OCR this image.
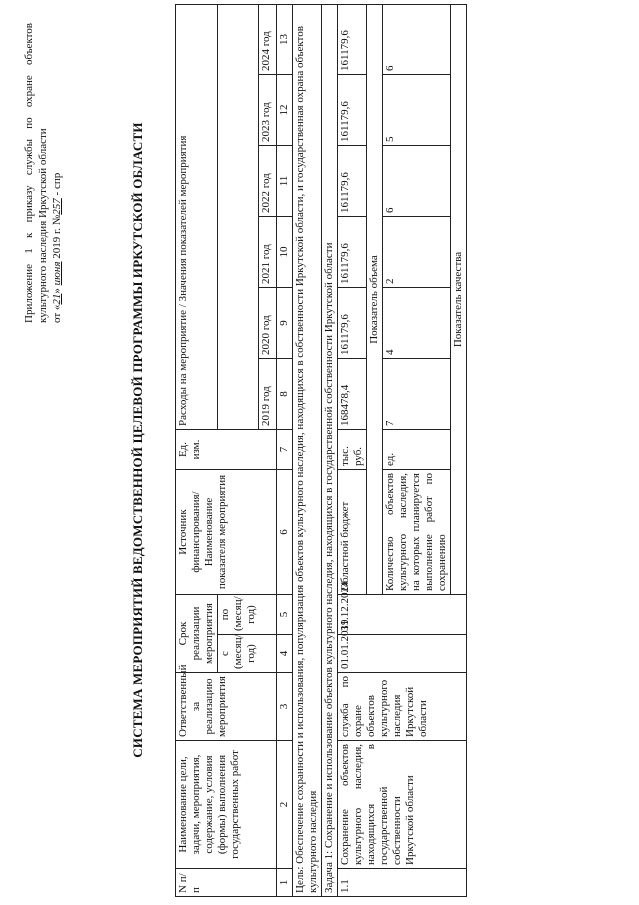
Приложение 1 к приказу службы по охране объектов культурного наследия Иркутской области от «21» июня 2019 г. №257 - спр	СИСТЕМА МЕРОПРИЯТИЙ ВЕДОМСТВЕННОЙ ЦЕЛЕВОЙ ПРОГРАММЫ ИРКУТСКОЙ ОБЛАСТИ
N п/п	Наименование цели, задачи, мероприятия, содержание, условия (формы) выполнения государственных работ	Ответственный за реализацию мероприятия	Срок реализации мероприятия		Источник финансирования/ Наименование показателя мероприятия	Ед. изм.	Расходы на мероприятие / Значения показателей мероприятия					
			с (месяц/год)	по (месяц/год)								
							2019 год	2020 год	2021 год	2022 год	2023 год	2024 год
1	2	3	4	5	6	7	8	9	10	11	12	13
Цель: Обеспечение сохранности и использования, популяризация объектов культурного наследия, находящихся в собственности Иркутской области, и государственная охрана объектов культурного наследия												
Задача 1: Сохранение и использование объектов культурного наследия, находящихся в государственной собственности Иркутской области												
1.1	Сохранение объектов культурного наследия, находящихся в государственной собственности Иркутской области	служба по охране объектов культурного наследия Иркутской области	01.01.2019	31.12.2024	Областной бюджет	тыс. руб.	168478,4	161179,6	161179,6	161179,6	161179,6	161179,6
					Показатель объема							
					Количество объектов культурного наследия, на которых планируется выполнение работ по сохранению	ед.	7	4	2	6	5	6
					Показатель качества							
